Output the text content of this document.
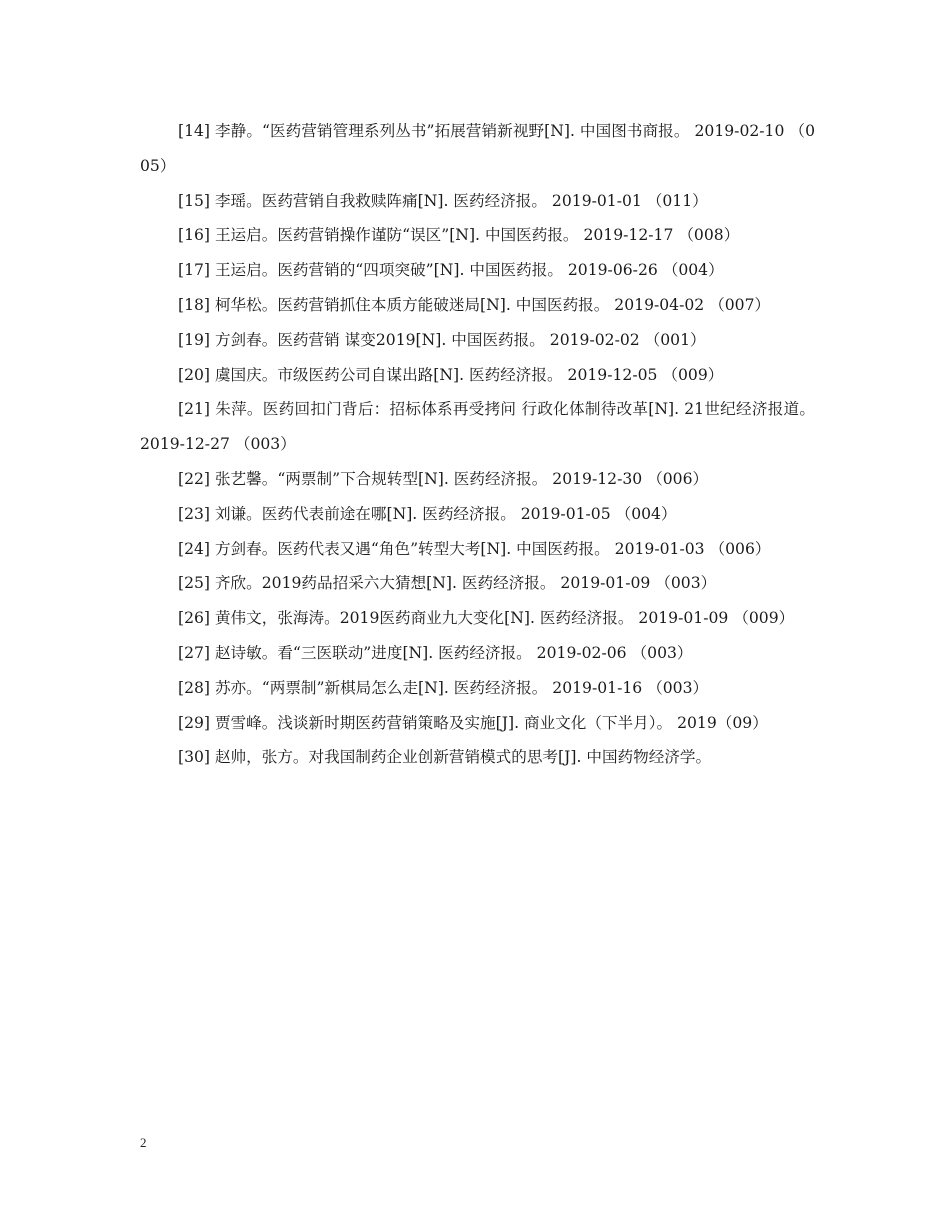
[14] 李静。“医药营销管理系列丛书”拓展营销新视野[N]. 中国图书商报。 2019-02-10 （005）

[15] 李瑶。医药营销自我救赎阵痛[N]. 医药经济报。 2019-01-01 （011）

[16] 王运启。医药营销操作谨防“误区”[N]. 中国医药报。 2019-12-17 （008）

[17] 王运启。医药营销的“四项突破”[N]. 中国医药报。 2019-06-26 （004）

[18] 柯华松。医药营销抓住本质方能破迷局[N]. 中国医药报。 2019-04-02 （007）

[19] 方剑春。医药营销 谋变2019[N]. 中国医药报。 2019-02-02 （001）

[20] 虞国庆。市级医药公司自谋出路[N]. 医药经济报。 2019-12-05 （009）

[21] 朱萍。医药回扣门背后：招标体系再受拷问 行政化体制待改革[N]. 21世纪经济报道。 2019-12-27 （003）

[22] 张艺馨。“两票制”下合规转型[N]. 医药经济报。 2019-12-30 （006）

[23] 刘谦。医药代表前途在哪[N]. 医药经济报。 2019-01-05 （004）

[24] 方剑春。医药代表又遇“角色”转型大考[N]. 中国医药报。 2019-01-03 （006）

[25] 齐欣。2019药品招采六大猜想[N]. 医药经济报。 2019-01-09 （003）

[26] 黄伟文，张海涛。2019医药商业九大变化[N]. 医药经济报。 2019-01-09 （009）

[27] 赵诗敏。看“三医联动”进度[N]. 医药经济报。 2019-02-06 （003）

[28] 苏亦。“两票制”新棋局怎么走[N]. 医药经济报。 2019-01-16 （003）

[29] 贾雪峰。浅谈新时期医药营销策略及实施[J]. 商业文化（下半月）。 2019（09）

[30] 赵帅，张方。对我国制药企业创新营销模式的思考[J]. 中国药物经济学。

2
